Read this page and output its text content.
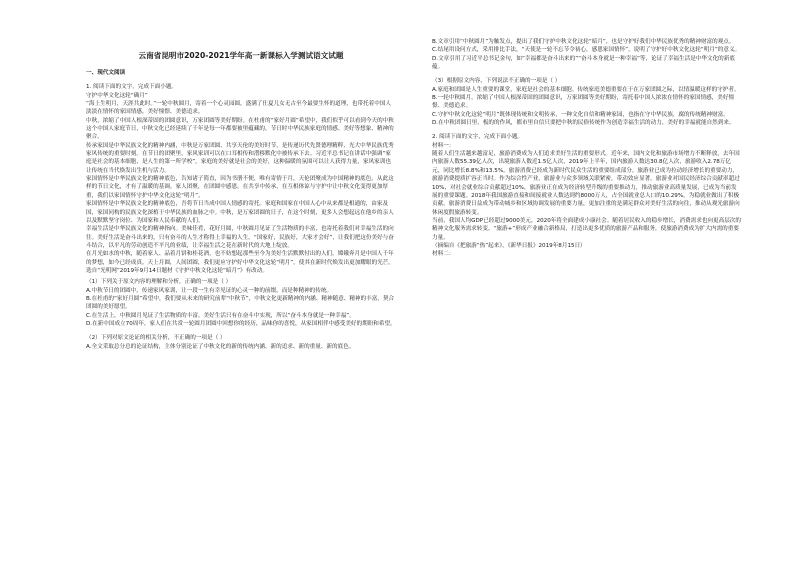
云南省昆明市2020-2021学年高一新课标入学测试语文试题
一、现代文阅读

1. 阅读下面的文字，完成下面小题。

守护中华文化这轮“确月”

“海上生明月，天涯共此时。”一轮中秋圆月，寄着一个心灵园圆，盛满了仕夏儿女无古至今最要生怀的道理，也带托着中国人淡淡在情怀的家国情感，美好憧憬、美德追求。

中秋，浓缩了中国人根深蒂固的团圆意识，万家团圆等美好期盼。在杜甫的“家好月圆”希望中，我们似乎可以看到今天的中秋这个中国人家庭节日，中秋文化已经延续了千年是每一年都要被里蕴藏的，节日时中华民族家庭的情感、美好等想象、精神的聚合。

传承家国是中华民族文化的精神内涵，中秋是万家团圆、共享天伦的美好时节，是传递历代先贤德理精粹、光大中华民族优秀家风传统的重要时刻。在节日的团聚里，家风家训可以在口耳相传和潜移默化中被传承下去。习近平总书记在讲话中强调“家庭是社会的基本细胞，是人生的第一所学校”，家庭的美好就是社会的美好，这种温暖的氛围可以让人获得力量，家风家训也让传统在当代焕发出生机与活力。

家国情怀是中华民族文化的精神底色，告知诸子简直，因为书册不便，唯有寄情于月，天伦团聚成为中国精神的底色，从此这样的节日文化，才有了温暖的基调。家人团聚，在团圆中感恩，在共享中传承，在互相体谅与守护中让中秋文化变得更加厚重，我们以家国情怀守护中华文化这轮“明月”。

家国情怀是中华民族文化的精神底色，吾将节日当成中国人情感的寄托。家庭和国家在中国人心中从来都是相通的，由家及国，家国同构的民族文化深植于中华民族的血脉之中。中秋，是万家团圆的日子，在这个时刻，更多人会想起远在他乡的亲人以及默默坚守岗位、为国家和人民奉献的人们。

幸福生活是中华民族文化的精神指向。美味佳肴，花好月圆，中秋圆月见证了生活物质的丰富，也寄托着我们对幸福生活的向往。美好生活是奋斗出来的，只有奋斗的人生才称得上幸福的人生。“国家好，民族好，大家才会好”，让我们把这份美好与奋斗结合，以平凡的劳动创造不平凡的业绩，让幸福生活之花在新时代的大地上绽放。

在月光如水的中秋，随着家人、品着月饼和桂花酒，也不妨想起那些至今为美好生活默默付出的人们。嫦娥奔月是中国人千年的梦想，如今已经成真。天上月圆，人间团圆，我们更应守护好中华文化这轮“明月”，使其在新时代焕发出更加耀眼的光芒。

选自“光明网”2019年9月14日题材《守护中秋文化这轮“暗月”》有改动。

（1）下列关于原文内容的理解和分析，正确的一项是（ ）

A.中秋节日的团圆中，传递家风家训，让一段一生有幸见证的心灵一种的前缀，而是种精神的传统。

B.在杜甫的“家好月圆”希望中，我们要从未来的研究前辈“中秋节”，中秋文化更新精神的内涵、精神随意、精神的丰富，契合团圆的美好愿望。

C.在生活上，中秋圆月见证了生活物质的丰富，美好生活只有在奋斗中实现，所以“奋斗本身就是一种幸福”。

D.在新中国成立70周年，家人们在共赏一轮圆月团圆中回想你的经历，品味你的喜悦，从家国相伴中感受美好的期盼和希望。

（2）下列对原文论证的相关分析，不正确的一项是（ ）

A.全文采取总分总的论证结构，主体分别论证了中秋文化的新的传统内涵、新的追求、新的重量、新的底色。

B.文章引用“中秋圆月”为触发点，提出了我们守护中秋文化这轮“暗月”，也是守护好我们中华民族优秀的精神财富的观点。

C.结尾用设问方式，采用排比手法，“天使是一轮不忘节令初心，感恩家国情怀”，说明了守护好中秋文化这轮“明月”的意义。

D.文章引用了习近平总书记金句，如“幸福都是奋斗出来的”“奋斗本身就是一种幸福”等，论证了幸福生活是中华文化的新底蕴。

（3）根据原文内容，下列说法不正确的一项是（ ）

A.家庭和团圆是人生重要的课堂，家庭是社会的基本细胞。传统家庭美德重要在于在万家团圆之际，以情温暖这样的守护者。

B.一轮中秋圆月，浓缩了中国人根深蒂固的团圆意识，万家团圆等美好期盼，寄托着中国人浓浓在情怀的家国情感，美好憧憬、美德追求。

C.守护中秋文化这轮“明月”既体现传统和文明传承，一种文化自信和精神家园，也指在守中华民族，腐的传统精神财富。

D.在中秋团圆日里，板的的作风，都市里自信只要把中秋的民俗传统作为创造幸福生活的动力，美好的幸福就能自然到来。

2. 阅读下面的文字，完成下面小题。

材料一：

随着人们生活越来越富足，旅游消费成为人们追求美好生活的重要形式。近年来，国内文化和旅游市场增力不断释放，去年国内旅游人数55.39亿人次，出境旅游人数近1.5亿人次，2019年上半年，国内旅游人数达30.8亿人次，旅游收入2.78万亿元，同比增长8.8%和13.5%。旅游消费已经成为新时代民众生活的重要组成部分。旅游业已成为拉动经济增长的重要动力，旅游消费提质扩容正当时。作为综合性产业，旅游业与众多领域关联紧密，带动效应显著。旅游业对国民经济综合贡献率超过10%，对社会就业综合贡献超过10%，旅游业正在成为经济转型升级的重要推动力，推动旅游业高质量发展，已成为当前发展的重要课题。2018年我国旅游直接和间接就业人数达到约8000万人，占全国就业总人口的10.29%，为稳就业做出了积极贡献。旅游消费日益成为带动城乡和区域协调发展的重要力量，更加注重的是满足群众对美好生活的向往，推动从观光旅游向休闲度假旅游转变。

当前，我国人均GDP已经超过9000美元，2020年将全面建成小康社会。随着居民收入的稳步增长，消费需求也向更高层次的精神文化服务需求转变。“旅游+”形成产业融合新格局，打造出更多优质的旅游产品和服务，使旅游消费成为扩大内需的重要力量。

（摘编自《把旅游“热”起来》，《新华日报》2019年8月15日）

材料二：
